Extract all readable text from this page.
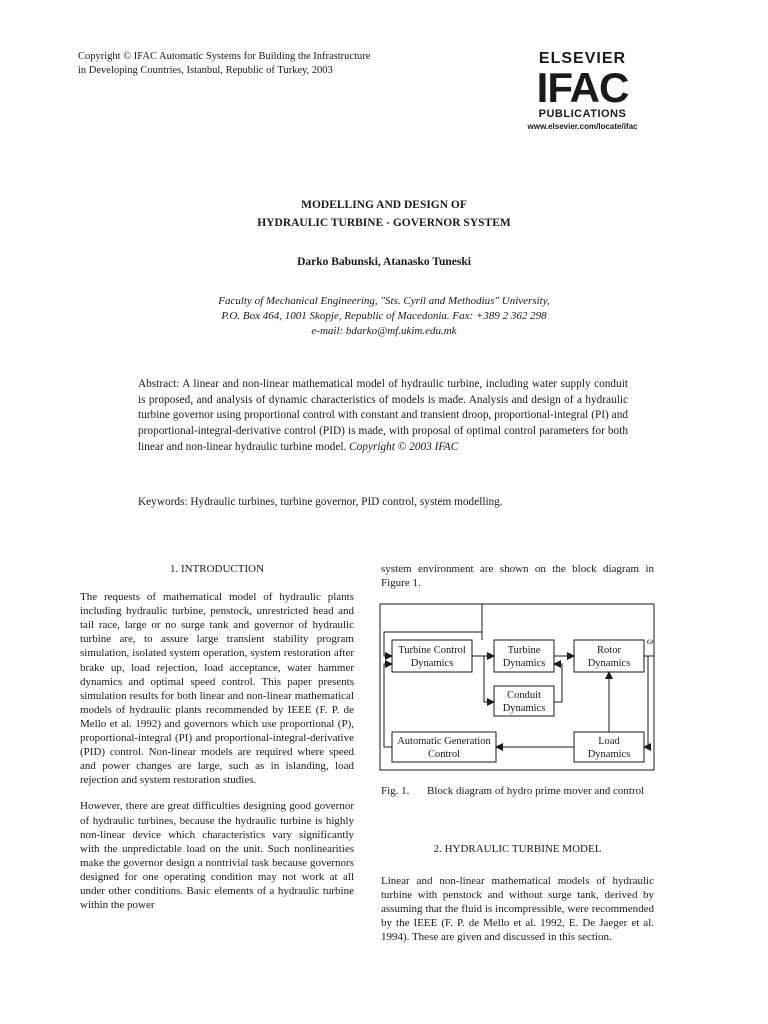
Copyright © IFAC Automatic Systems for Building the Infrastructure
in Developing Countries, Istanbul, Republic of Turkey, 2003
ELSEVIER
IFAC
PUBLICATIONS
www.elsevier.com/locate/ifac
MODELLING AND DESIGN OF
HYDRAULIC TURBINE - GOVERNOR SYSTEM
Darko Babunski, Atanasko Tuneski
Faculty of Mechanical Engineering, "Sts. Cyril and Methodius" University,
P.O. Box 464, 1001 Skopje, Republic of Macedonia. Fax: +389 2 362 298
e-mail: bdarko@mf.ukim.edu.mk
Abstract: A linear and non-linear mathematical model of hydraulic turbine, including water supply conduit is proposed, and analysis of dynamic characteristics of models is made. Analysis and design of a hydraulic turbine governor using proportional control with constant and transient droop, proportional-integral (PI) and proportional-integral-derivative control (PID) is made, with proposal of optimal control parameters for both linear and non-linear hydraulic turbine model. Copyright © 2003 IFAC
Keywords: Hydraulic turbines, turbine governor, PID control, system modelling.
1. INTRODUCTION

The requests of mathematical model of hydraulic plants including hydraulic turbine, penstock, unrestricted head and tail race, large or no surge tank and governor of hydraulic turbine are, to assure large transient stability program simulation, isolated system operation, system restoration after brake up, load rejection, load acceptance, water hammer dynamics and optimal speed control. This paper presents simulation results for both linear and non-linear mathematical models of hydraulic plants recommended by IEEE (F. P. de Mello et al. 1992) and governors which use proportional (P), proportional-integral (PI) and proportional-integral-derivative (PID) control. Non-linear models are required where speed and power changes are large, such as in islanding, load rejection and system restoration studies.

However, there are great difficulties designing good governor of hydraulic turbines, because the hydraulic turbine is highly non-linear device which characteristics vary significantly with the unpredictable load on the unit. Such nonlinearities make the governor design a nontrivial task because governors designed for one operating condition may not work at all under other conditions. Basic elements of a hydraulic turbine within the power

system environment are shown on the block diagram in Figure 1.

Turbine Control
Dynamics
Turbine
Dynamics
Rotor
Dynamics
Conduit
Dynamics
Automatic Generation
Control
Load
Dynamics
ω
Fig. 1. Block diagram of hydro prime mover and control
2. HYDRAULIC TURBINE MODEL

Linear and non-linear mathematical models of hydraulic turbine with penstock and without surge tank, derived by assuming that the fluid is incompressible, were recommended by the IEEE (F. P. de Mello et al. 1992, E. De Jaeger et al. 1994). These are given and discussed in this section.
